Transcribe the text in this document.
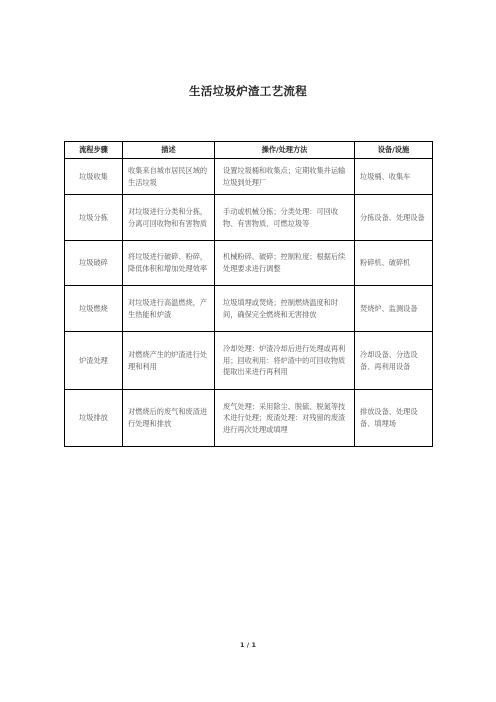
生活垃圾炉渣工艺流程
流程步骤	描述	操作/处理方法	设备/设施
垃圾收集	收集来自城市居民区域的生活垃圾	设置垃圾桶和收集点；定期收集并运输垃圾到处理厂	垃圾桶、收集车
垃圾分拣	对垃圾进行分类和分拣，分离可回收物和有害物质	手动或机械分拣；分类处理：可回收物、有害物质、可燃垃圾等	分拣设备、处理设备
垃圾破碎	将垃圾进行破碎、粉碎，降低体积和增加处理效率	机械粉碎、破碎；控制粒度；根据后续处理要求进行调整	粉碎机、破碎机
垃圾燃烧	对垃圾进行高温燃烧，产生热能和炉渣	垃圾填埋或焚烧；控制燃烧温度和时间，确保完全燃烧和无害排放	焚烧炉、监测设备
炉渣处理	对燃烧产生的炉渣进行处理和利用	冷却处理：炉渣冷却后进行处理或再利用；回收利用：将炉渣中的可回收物质提取出来进行再利用	冷却设备、分选设备、再利用设备
垃圾排放	对燃烧后的废气和废渣进行处理和排放	废气处理：采用除尘、脱硫、脱氮等技术进行处理；废渣处理：对残留的废渣进行再次处理或填埋	排放设备、处理设备、填埋场
1 / 1
